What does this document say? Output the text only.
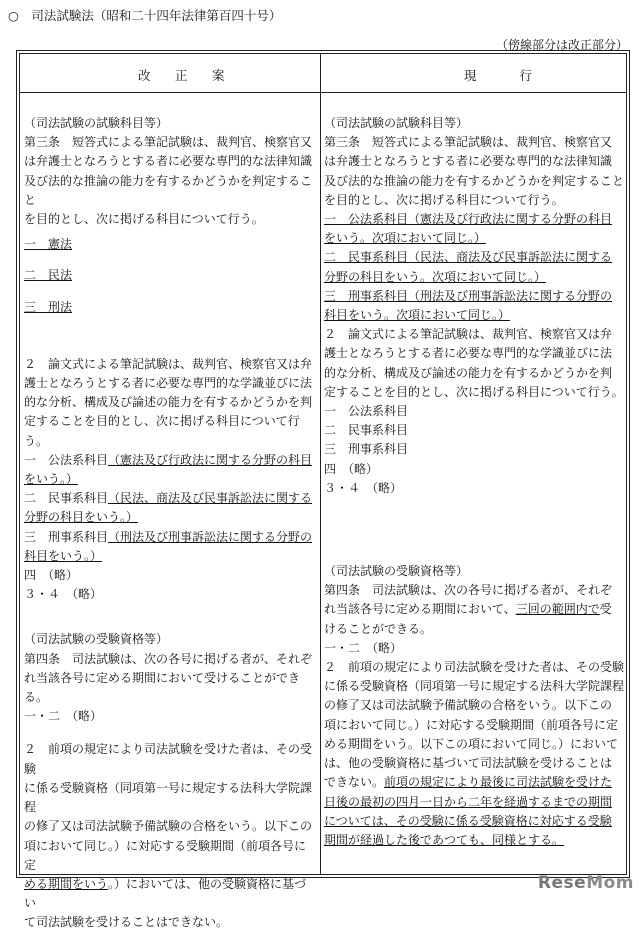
○　司法試験法（昭和二十四年法律第百四十号）
（傍線部分は改正部分）
改　正　案	現　　行

（司法試験の試験科目等）

第三条　短答式による筆記試験は、裁判官、検察官又

は弁護士となろうとする者に必要な専門的な法律知識

及び法的な推論の能力を有するかどうかを判定すること

を目的とし、次に掲げる科目について行う。

一　憲法

二　民法

三　刑法

２　論文式による筆記試験は、裁判官、検察官又は弁

護士となろうとする者に必要な専門的な学識並びに法

的な分析、構成及び論述の能力を有するかどうかを判

定することを目的とし、次に掲げる科目について行う。

一　公法系科目（憲法及び行政法に関する分野の科目

をいう。）

二　民事系科目（民法、商法及び民事訴訟法に関する

分野の科目をいう。）

三　刑事系科目（刑法及び刑事訴訟法に関する分野の

科目をいう。）

四　（略）

３・４　（略）

（司法試験の受験資格等）

第四条　司法試験は、次の各号に掲げる者が、それぞ

れ当該各号に定める期間において受けることができる。

一・二　（略）

２　前項の規定により司法試験を受けた者は、その受験

に係る受験資格（同項第一号に規定する法科大学院課程

の修了又は司法試験予備試験の合格をいう。以下この

項において同じ。）に対応する受験期間（前項各号に定

める期間をいう。）においては、他の受験資格に基づい

て司法試験を受けることはできない。

（司法試験の試験科目等）

第三条　短答式による筆記試験は、裁判官、検察官又

は弁護士となろうとする者に必要な専門的な法律知識

及び法的な推論の能力を有するかどうかを判定すること

を目的とし、次に掲げる科目について行う。

一　公法系科目（憲法及び行政法に関する分野の科目

をいう。次項において同じ。）

二　民事系科目（民法、商法及び民事訴訟法に関する

分野の科目をいう。次項において同じ。）

三　刑事系科目（刑法及び刑事訴訟法に関する分野の

科目をいう。次項において同じ。）

２　論文式による筆記試験は、裁判官、検察官又は弁

護士となろうとする者に必要な専門的な学識並びに法

的な分析、構成及び論述の能力を有するかどうかを判

定することを目的とし、次に掲げる科目について行う。

一　公法系科目

二　民事系科目

三　刑事系科目

四　（略）

３・４　（略）

（司法試験の受験資格等）

第四条　司法試験は、次の各号に掲げる者が、それぞ

れ当該各号に定める期間において、三回の範囲内で受

けることができる。

一・二　（略）

２　前項の規定により司法試験を受けた者は、その受験

に係る受験資格（同項第一号に規定する法科大学院課程

の修了又は司法試験予備試験の合格をいう。以下この

項において同じ。）に対応する受験期間（前項各号に定

める期間をいう。以下この項において同じ。）において

は、他の受験資格に基づいて司法試験を受けることは

できない。前項の規定により最後に司法試験を受けた

日後の最初の四月一日から二年を経過するまでの期間

については、その受験に係る受験資格に対応する受験

期間が経過した後であつても、同様とする。

ReseMom
